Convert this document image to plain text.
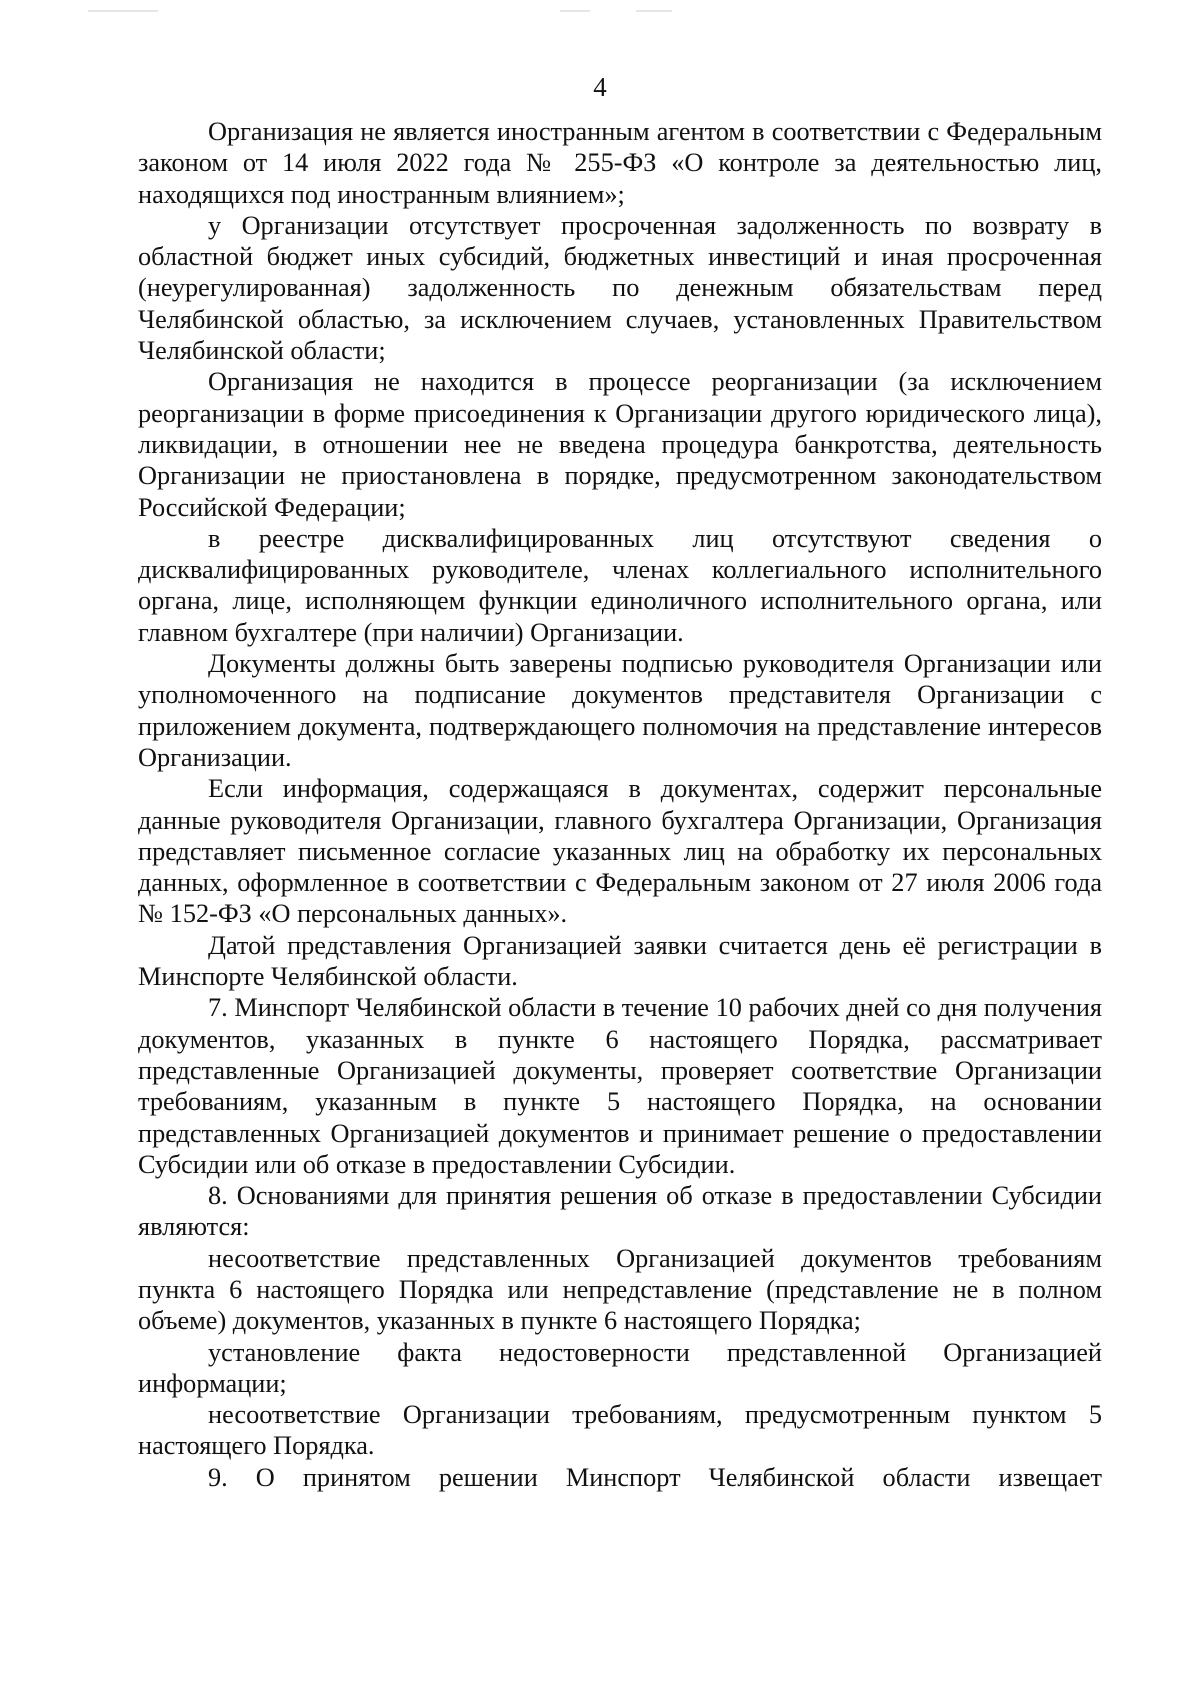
4

Организация не является иностранным агентом в соответствии с Федеральным законом от 14 июля 2022 года № 255-ФЗ «О контроле за деятельностью лиц, находящихся под иностранным влиянием»;

у Организации отсутствует просроченная задолженность по возврату в областной бюджет иных субсидий, бюджетных инвестиций и иная просроченная (неурегулированная) задолженность по денежным обязательствам перед Челябинской областью, за исключением случаев, установленных Правительством Челябинской области;

Организация не находится в процессе реорганизации (за исключением реорганизации в форме присоединения к Организации другого юридического лица), ликвидации, в отношении нее не введена процедура банкротства, деятельность Организации не приостановлена в порядке, предусмотренном законодательством Российской Федерации;

в реестре дисквалифицированных лиц отсутствуют сведения о дисквалифицированных руководителе, членах коллегиального исполнительного органа, лице, исполняющем функции единоличного исполнительного органа, или главном бухгалтере (при наличии) Организации.

Документы должны быть заверены подписью руководителя Организации или уполномоченного на подписание документов представителя Организации с приложением документа, подтверждающего полномочия на представление интересов Организации.

Если информация, содержащаяся в документах, содержит персональные данные руководителя Организации, главного бухгалтера Организации, Организация представляет письменное согласие указанных лиц на обработку их персональных данных, оформленное в соответствии с Федеральным законом от 27 июля 2006 года № 152-ФЗ «О персональных данных».

Датой представления Организацией заявки считается день её регистрации в Минспорте Челябинской области.

7. Минспорт Челябинской области в течение 10 рабочих дней со дня получения документов, указанных в пункте 6 настоящего Порядка, рассматривает представленные Организацией документы, проверяет соответствие Организации требованиям, указанным в пункте 5 настоящего Порядка, на основании представленных Организацией документов и принимает решение о предоставлении Субсидии или об отказе в предоставлении Субсидии.

8. Основаниями для принятия решения об отказе в предоставлении Субсидии являются:

несоответствие представленных Организацией документов требованиям пункта 6 настоящего Порядка или непредставление (представление не в полном объеме) документов, указанных в пункте 6 настоящего Порядка;

установление факта недостоверности представленной Организацией информации;

несоответствие Организации требованиям, предусмотренным пунктом 5 настоящего Порядка.

9. О принятом решении Минспорт Челябинской области извещает
